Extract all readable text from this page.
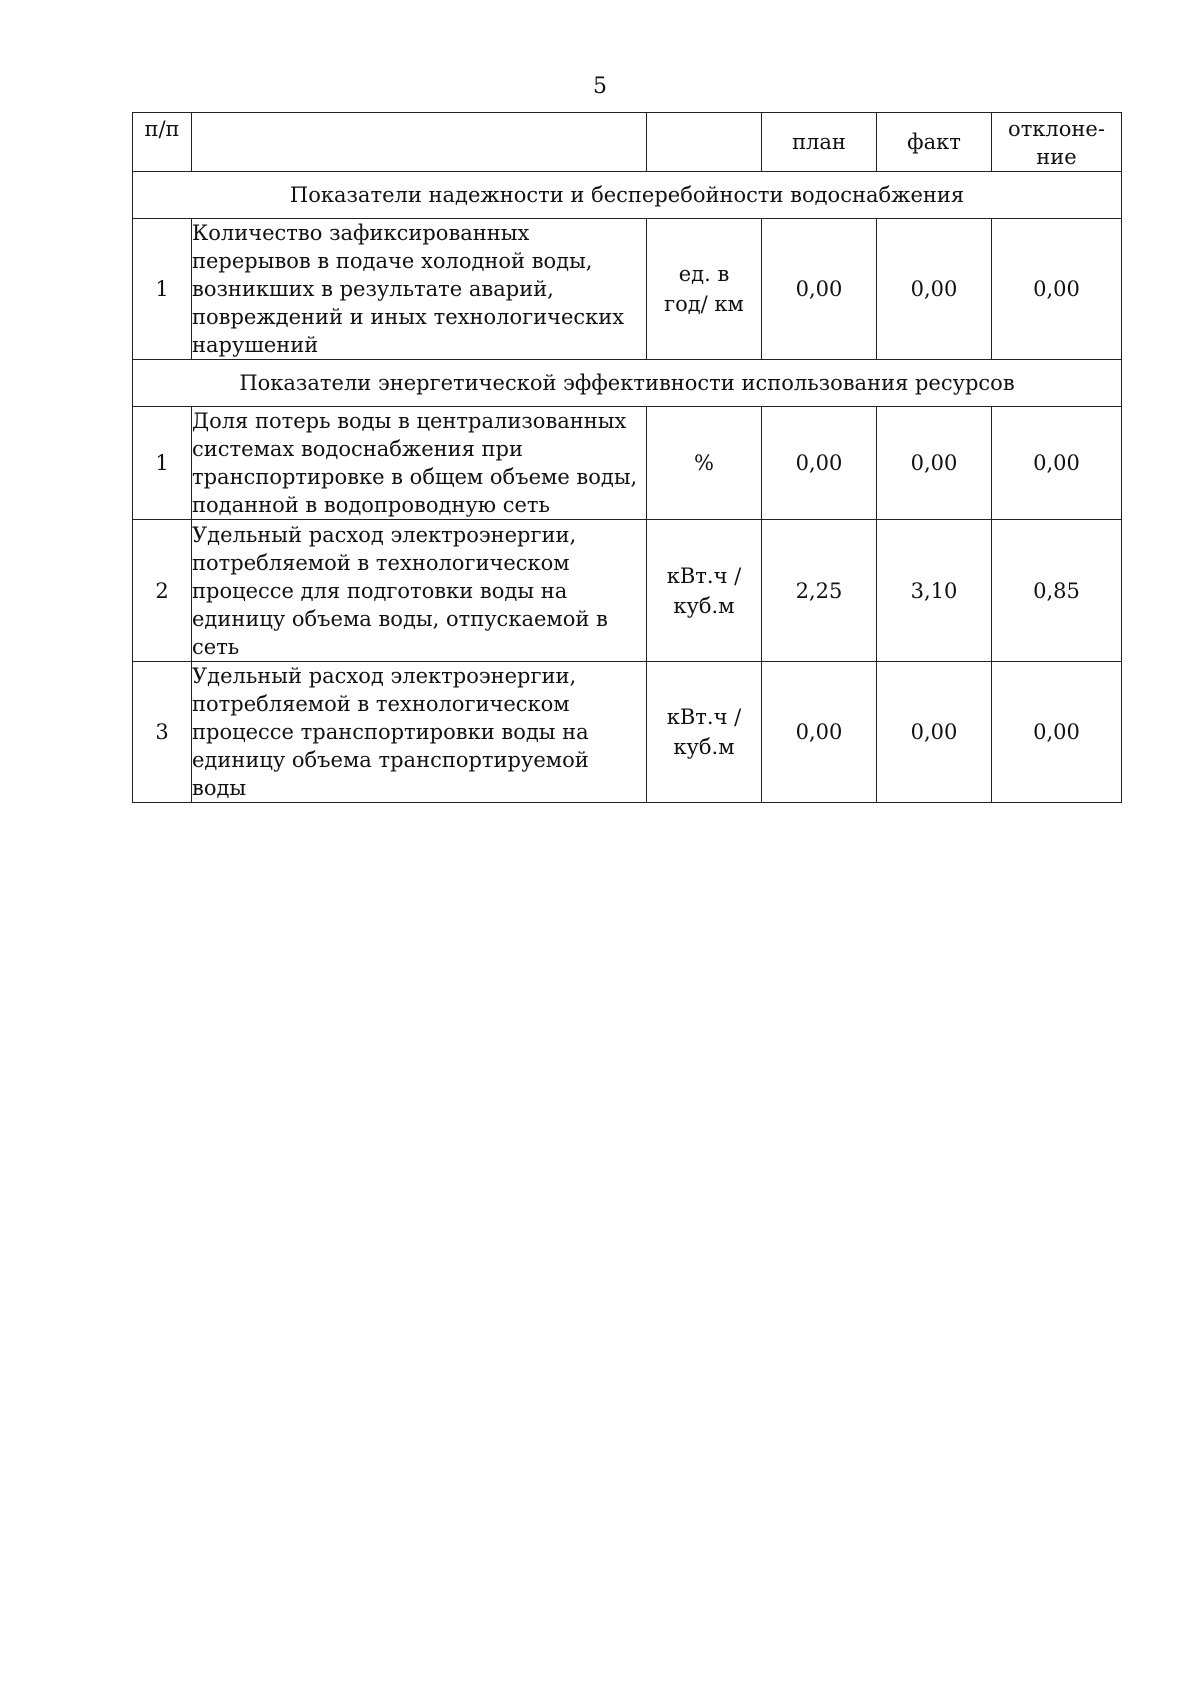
5
п/п			план	факт	отклоне-
ние
Показатели надежности и бесперебойности водоснабжения					
1	Количество зафиксированных перерывов в подаче холодной воды, возникших в результате аварий, повреждений и иных технологических нарушений	ед. в
год/ км	0,00	0,00	0,00
Показатели энергетической эффективности использования ресурсов					
1	Доля потерь воды в централизованных системах водоснабжения при транспортировке в общем объеме воды, поданной в водопроводную сеть	%	0,00	0,00	0,00
2	Удельный расход электроэнергии, потребляемой в технологическом процессе для подготовки воды на единицу объема воды, отпускаемой в сеть	кВт.ч /
куб.м	2,25	3,10	0,85
3	Удельный расход электроэнергии, потребляемой в технологическом процессе транспортировки воды на единицу объема транспортируемой воды	кВт.ч /
куб.м	0,00	0,00	0,00
